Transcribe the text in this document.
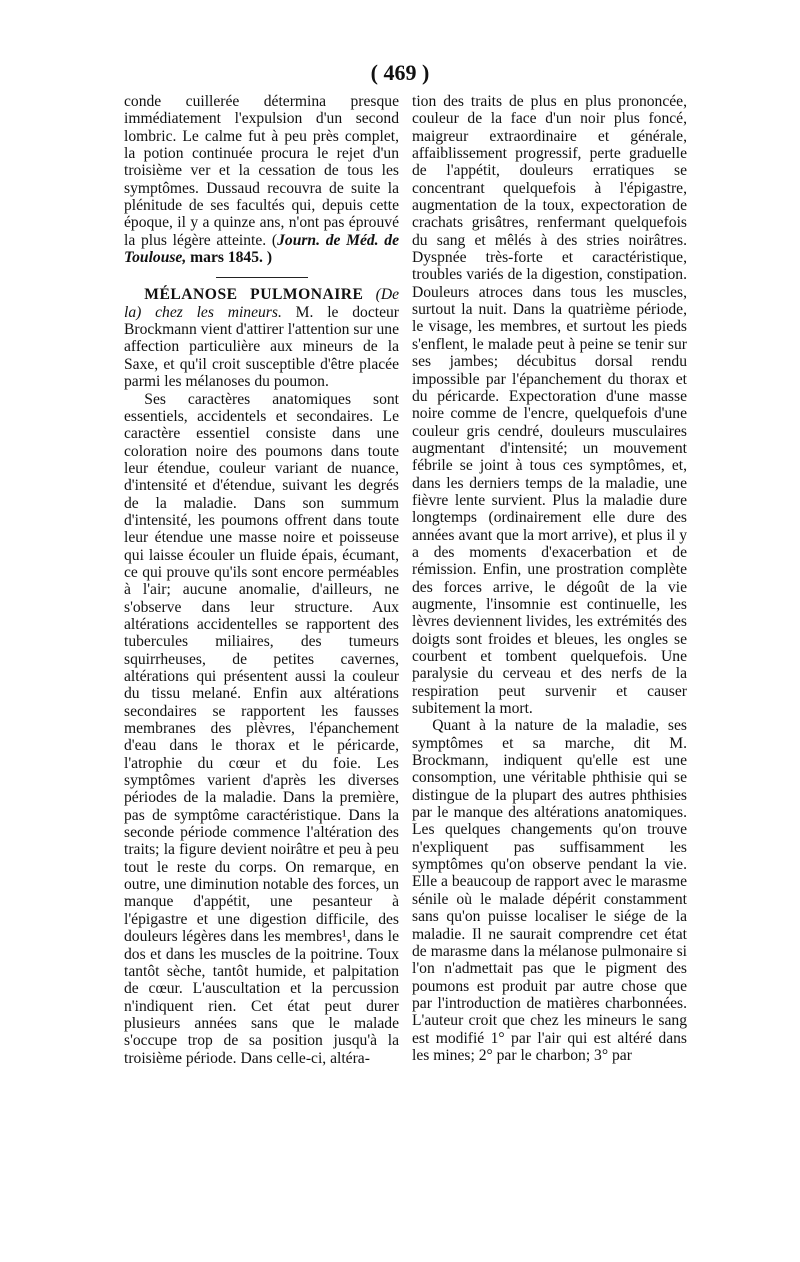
( 469 )

conde cuillerée détermina presque immédiatement l'expulsion d'un second lombric. Le calme fut à peu près complet, la potion continuée procura le rejet d'un troisième ver et la cessation de tous les symptômes. Dussaud recouvra de suite la plénitude de ses facultés qui, depuis cette époque, il y a quinze ans, n'ont pas éprouvé la plus légère atteinte. (Journ. de Méd. de Toulouse, mars 1845. )

MÉLANOSE PULMONAIRE (De la) chez les mineurs. M. le docteur Brockmann vient d'attirer l'attention sur une affection particulière aux mineurs de la Saxe, et qu'il croit susceptible d'être placée parmi les mélanoses du poumon.

Ses caractères anatomiques sont essentiels, accidentels et secondaires. Le caractère essentiel consiste dans une coloration noire des poumons dans toute leur étendue, couleur variant de nuance, d'intensité et d'étendue, suivant les degrés de la maladie. Dans son summum d'intensité, les poumons offrent dans toute leur étendue une masse noire et poisseuse qui laisse écouler un fluide épais, écumant, ce qui prouve qu'ils sont encore perméables à l'air; aucune anomalie, d'ailleurs, ne s'observe dans leur structure. Aux altérations accidentelles se rapportent des tubercules miliaires, des tumeurs squirrheuses, de petites cavernes, altérations qui présentent aussi la couleur du tissu melané. Enfin aux altérations secondaires se rapportent les fausses membranes des plèvres, l'épanchement d'eau dans le thorax et le péricarde, l'atrophie du cœur et du foie. Les symptômes varient d'après les diverses périodes de la maladie. Dans la première, pas de symptôme caractéristique. Dans la seconde période commence l'altération des traits; la figure devient noirâtre et peu à peu tout le reste du corps. On remarque, en outre, une diminution notable des forces, un manque d'appétit, une pesanteur à l'épigastre et une digestion difficile, des douleurs légères dans les membres¹, dans le dos et dans les muscles de la poitrine. Toux tantôt sèche, tantôt humide, et palpitation de cœur. L'auscultation et la percussion n'indiquent rien. Cet état peut durer plusieurs années sans que le malade s'occupe trop de sa position jusqu'à la troisième période. Dans celle-ci, altéra-

tion des traits de plus en plus prononcée, couleur de la face d'un noir plus foncé, maigreur extraordinaire et générale, affaiblissement progressif, perte graduelle de l'appétit, douleurs erratiques se concentrant quelquefois à l'épigastre, augmentation de la toux, expectoration de crachats grisâtres, renfermant quelquefois du sang et mêlés à des stries noirâtres. Dyspnée très-forte et caractéristique, troubles variés de la digestion, constipation. Douleurs atroces dans tous les muscles, surtout la nuit. Dans la quatrième période, le visage, les membres, et surtout les pieds s'enflent, le malade peut à peine se tenir sur ses jambes; décubitus dorsal rendu impossible par l'épanchement du thorax et du péricarde. Expectoration d'une masse noire comme de l'encre, quelquefois d'une couleur gris cendré, douleurs musculaires augmentant d'intensité; un mouvement fébrile se joint à tous ces symptômes, et, dans les derniers temps de la maladie, une fièvre lente survient. Plus la maladie dure longtemps (ordinairement elle dure des années avant que la mort arrive), et plus il y a des moments d'exacerbation et de rémission. Enfin, une prostration complète des forces arrive, le dégoût de la vie augmente, l'insomnie est continuelle, les lèvres deviennent livides, les extrémités des doigts sont froides et bleues, les ongles se courbent et tombent quelquefois. Une paralysie du cerveau et des nerfs de la respiration peut survenir et causer subitement la mort.

Quant à la nature de la maladie, ses symptômes et sa marche, dit M. Brockmann, indiquent qu'elle est une consomption, une véritable phthisie qui se distingue de la plupart des autres phthisies par le manque des altérations anatomiques. Les quelques changements qu'on trouve n'expliquent pas suffisamment les symptômes qu'on observe pendant la vie. Elle a beaucoup de rapport avec le marasme sénile où le malade dépérit constamment sans qu'on puisse localiser le siége de la maladie. Il ne saurait comprendre cet état de marasme dans la mélanose pulmonaire si l'on n'admettait pas que le pigment des poumons est produit par autre chose que par l'introduction de matières charbonnées. L'auteur croit que chez les mineurs le sang est modifié 1° par l'air qui est altéré dans les mines; 2° par le charbon; 3° par
